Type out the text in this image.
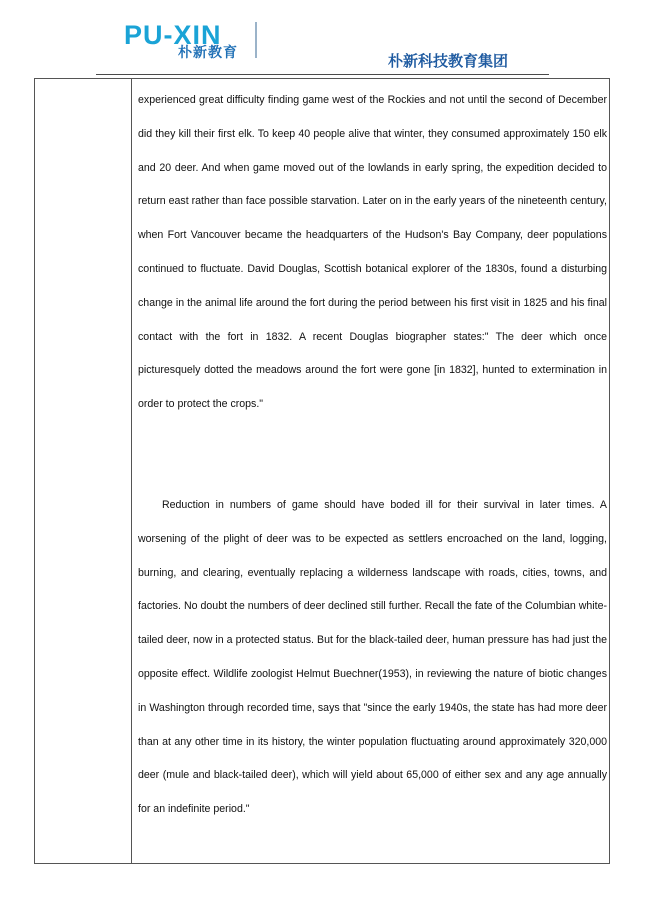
PU-XIN
朴新教育	朴新科技教育集团

experienced great difficulty finding game west of the Rockies and not until the second of December did they kill their first elk. To keep 40 people alive that winter, they consumed approximately 150 elk and 20 deer. And when game moved out of the lowlands in early spring, the expedition decided to return east rather than face possible starvation. Later on in the early years of the nineteenth century, when Fort Vancouver became the headquarters of the Hudson's Bay Company, deer populations continued to fluctuate. David Douglas, Scottish botanical explorer of the 1830s, found a disturbing change in the animal life around the fort during the period between his first visit in 1825 and his final contact with the fort in 1832. A recent Douglas biographer states:" The deer which once picturesquely dotted the meadows around the fort were gone [in 1832], hunted to extermination in order to protect the crops."

Reduction in numbers of game should have boded ill for their survival in later times. A worsening of the plight of deer was to be expected as settlers encroached on the land, logging, burning, and clearing, eventually replacing a wilderness landscape with roads, cities, towns, and factories. No doubt the numbers of deer declined still further. Recall the fate of the Columbian white-tailed deer, now in a protected status. But for the black-tailed deer, human pressure has had just the opposite effect. Wildlife zoologist Helmut Buechner(1953), in reviewing the nature of biotic changes in Washington through recorded time, says that "since the early 1940s, the state has had more deer than at any other time in its history, the winter population fluctuating around approximately 320,000 deer (mule and black-tailed deer), which will yield about 65,000 of either sex and any age annually for an indefinite period."
